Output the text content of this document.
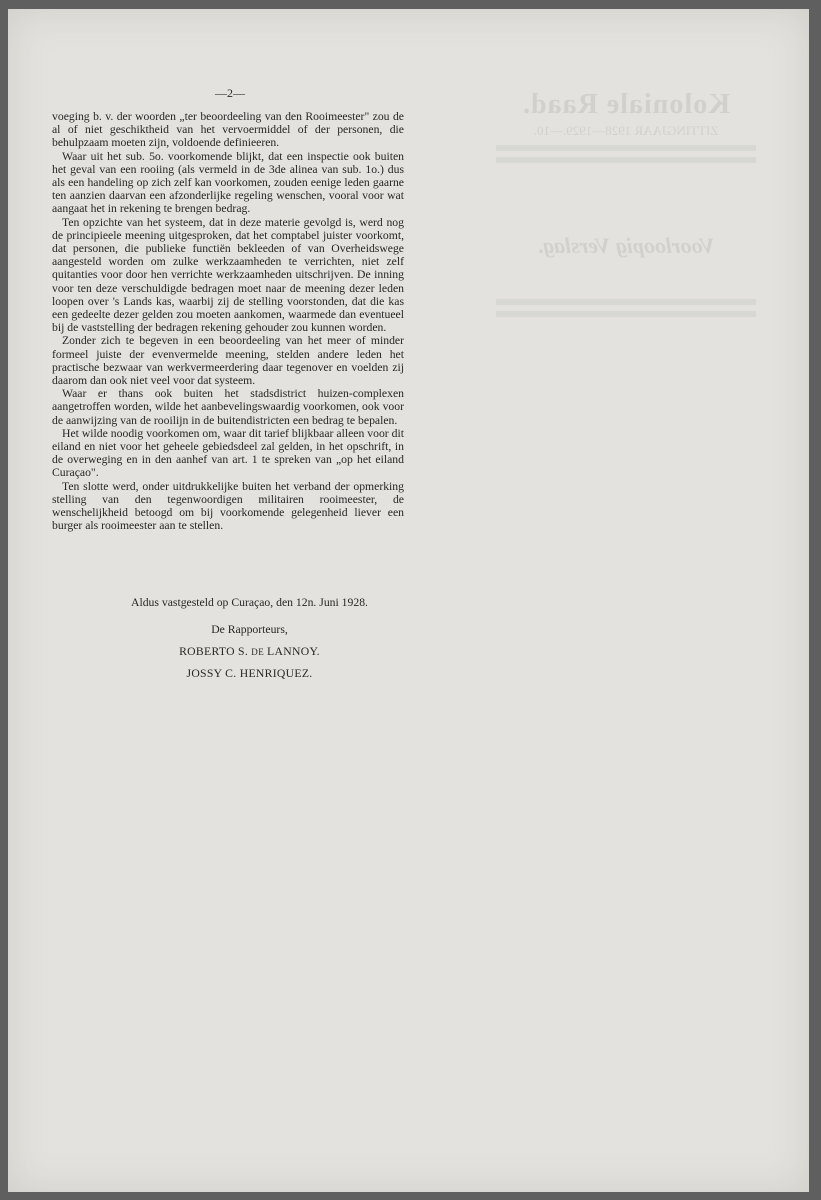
Koloniale Raad.
ZITTINGJAAR 1928—1929.—10.
Voorloopig Verslag.
—2—

voeging b. v. der woorden „ter beoordeeling van den Rooimeester" zou de al of niet geschiktheid van het vervoermiddel of der personen, die behulpzaam moeten zijn, voldoende definieeren.

Waar uit het sub. 5o. voorkomende blijkt, dat een inspectie ook buiten het geval van een rooiing (als vermeld in de 3de alinea van sub. 1o.) dus als een handeling op zich zelf kan voorkomen, zouden eenige leden gaarne ten aanzien daarvan een afzonderlijke regeling wenschen, vooral voor wat aangaat het in rekening te brengen bedrag.

Ten opzichte van het systeem, dat in deze materie gevolgd is, werd nog de principieele meening uitgesproken, dat het comptabel juister voorkomt, dat personen, die publieke functiën bekleeden of van Overheidswege aangesteld worden om zulke werkzaamheden te verrichten, niet zelf quitanties voor door hen verrichte werkzaamheden uitschrijven. De inning voor ten deze verschuldigde bedragen moet naar de meening dezer leden loopen over 's Lands kas, waarbij zij de stelling voorstonden, dat die kas een gedeelte dezer gelden zou moeten aankomen, waarmede dan eventueel bij de vaststelling der bedragen rekening gehouder zou kunnen worden.

Zonder zich te begeven in een beoordeeling van het meer of minder formeel juiste der evenvermelde meening, stelden andere leden het practische bezwaar van werkvermeerdering daar tegenover en voelden zij daarom dan ook niet veel voor dat systeem.

Waar er thans ook buiten het stadsdistrict huizen-complexen aangetroffen worden, wilde het aanbevelingswaardig voorkomen, ook voor de aanwijzing van de rooilijn in de buitendistricten een bedrag te bepalen.

Het wilde noodig voorkomen om, waar dit tarief blijkbaar alleen voor dit eiland en niet voor het geheele gebiedsdeel zal gelden, in het opschrift, in de overweging en in den aanhef van art. 1 te spreken van „op het eiland Curaçao".

Ten slotte werd, onder uitdrukkelijke buiten het verband der opmerking stelling van den tegenwoordigen militairen rooimeester, de wenschelijkheid betoogd om bij voorkomende gelegenheid liever een burger als rooimeester aan te stellen.

Aldus vastgesteld op Curaçao, den 12n. Juni 1928.
De Rapporteurs,
ROBERTO S. DE LANNOY.
JOSSY C. HENRIQUEZ.
